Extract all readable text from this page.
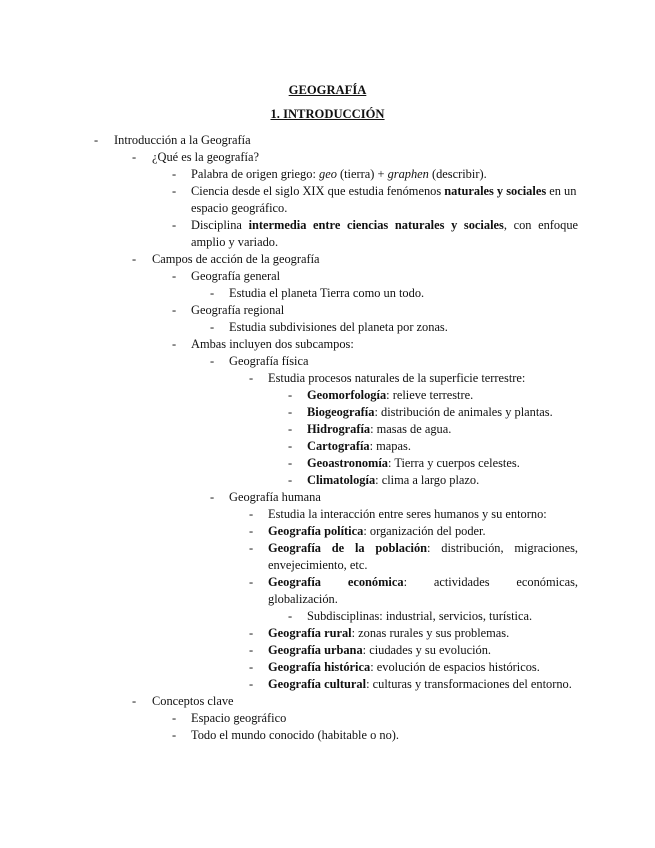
GEOGRAFÍA
1. INTRODUCCIÓN
- Introducción a la Geografía
- ¿Qué es la geografía?
- Palabra de origen griego: geo (tierra) + graphen (describir).
- Ciencia desde el siglo XIX que estudia fenómenos naturales y sociales en un espacio geográfico.
- Disciplina intermedia entre ciencias naturales y sociales, con enfoque amplio y variado.
- Campos de acción de la geografía
- Geografía general
- Estudia el planeta Tierra como un todo.
- Geografía regional
- Estudia subdivisiones del planeta por zonas.
- Ambas incluyen dos subcampos:
- Geografía física
- Estudia procesos naturales de la superficie terrestre:
- Geomorfología: relieve terrestre.
- Biogeografía: distribución de animales y plantas.
- Hidrografía: masas de agua.
- Cartografía: mapas.
- Geoastronomía: Tierra y cuerpos celestes.
- Climatología: clima a largo plazo.
- Geografía humana
- Estudia la interacción entre seres humanos y su entorno:
- Geografía política: organización del poder.
- Geografía de la población: distribución, migraciones, envejecimiento, etc.
- Geografía económica: actividades económicas, globalización.
- Subdisciplinas: industrial, servicios, turística.
- Geografía rural: zonas rurales y sus problemas.
- Geografía urbana: ciudades y su evolución.
- Geografía histórica: evolución de espacios históricos.
- Geografía cultural: culturas y transformaciones del entorno.
- Conceptos clave
- Espacio geográfico
- Todo el mundo conocido (habitable o no).
